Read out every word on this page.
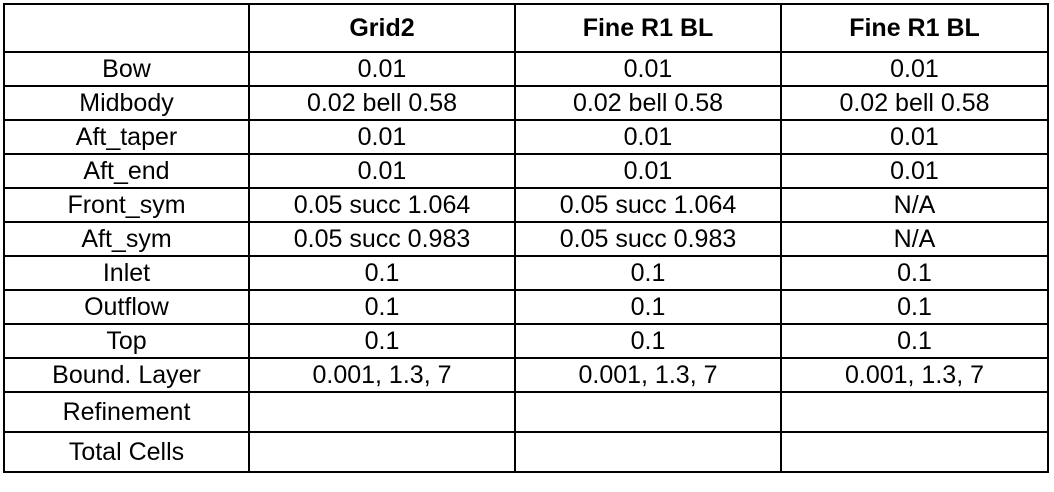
	Grid2	Fine R1 BL	Fine R1 BL
Bow	0.01	0.01	0.01
Midbody	0.02 bell 0.58	0.02 bell 0.58	0.02 bell 0.58
Aft_taper	0.01	0.01	0.01
Aft_end	0.01	0.01	0.01
Front_sym	0.05 succ 1.064	0.05 succ 1.064	N/A
Aft_sym	0.05 succ 0.983	0.05 succ 0.983	N/A
Inlet	0.1	0.1	0.1
Outflow	0.1	0.1	0.1
Top	0.1	0.1	0.1
Bound. Layer	0.001, 1.3, 7	0.001, 1.3, 7	0.001, 1.3, 7
Refinement			
Total Cells			
